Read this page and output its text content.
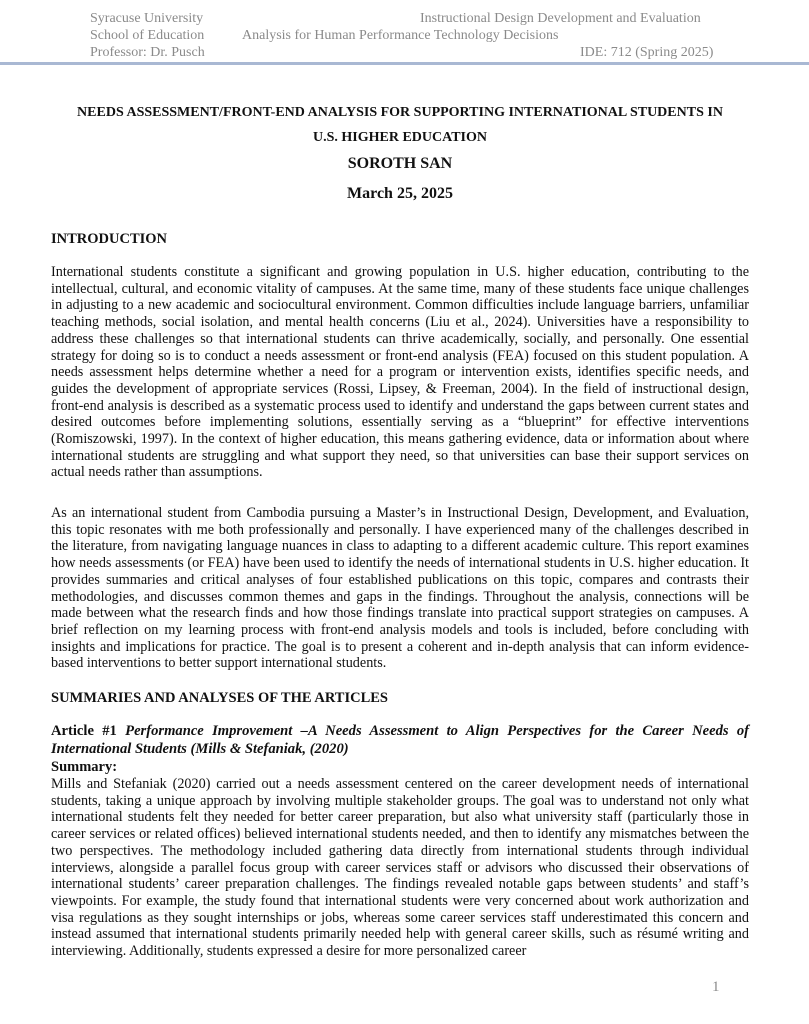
Syracuse University
School of Education
Professor: Dr. Pusch
Instructional Design Development and Evaluation
Analysis for Human Performance Technology Decisions
IDE: 712 (Spring 2025)
NEEDS ASSESSMENT/FRONT-END ANALYSIS FOR SUPPORTING INTERNATIONAL STUDENTS IN
U.S. HIGHER EDUCATION
SOROTH SAN
March 25, 2025
INTRODUCTION

International students constitute a significant and growing population in U.S. higher education, contributing to the intellectual, cultural, and economic vitality of campuses. At the same time, many of these students face unique challenges in adjusting to a new academic and sociocultural environment. Common difficulties include language barriers, unfamiliar teaching methods, social isolation, and mental health concerns (Liu et al., 2024). Universities have a responsibility to address these challenges so that international students can thrive academically, socially, and personally. One essential strategy for doing so is to conduct a needs assessment or front-end analysis (FEA) focused on this student population. A needs assessment helps determine whether a need for a program or intervention exists, identifies specific needs, and guides the development of appropriate services (Rossi, Lipsey, & Freeman, 2004). In the field of instructional design, front-end analysis is described as a systematic process used to identify and understand the gaps between current states and desired outcomes before implementing solutions, essentially serving as a “blueprint” for effective interventions (Romiszowski, 1997). In the context of higher education, this means gathering evidence, data or information about where international students are struggling and what support they need, so that universities can base their support services on actual needs rather than assumptions.

As an international student from Cambodia pursuing a Master’s in Instructional Design, Development, and Evaluation, this topic resonates with me both professionally and personally. I have experienced many of the challenges described in the literature, from navigating language nuances in class to adapting to a different academic culture. This report examines how needs assessments (or FEA) have been used to identify the needs of international students in U.S. higher education. It provides summaries and critical analyses of four established publications on this topic, compares and contrasts their methodologies, and discusses common themes and gaps in the findings. Throughout the analysis, connections will be made between what the research finds and how those findings translate into practical support strategies on campuses. A brief reflection on my learning process with front-end analysis models and tools is included, before concluding with insights and implications for practice. The goal is to present a coherent and in-depth analysis that can inform evidence-based interventions to better support international students.

SUMMARIES AND ANALYSES OF THE ARTICLES

Article #1 Performance Improvement –A Needs Assessment to Align Perspectives for the Career Needs of International Students (Mills & Stefaniak, (2020)

Summary:

Mills and Stefaniak (2020) carried out a needs assessment centered on the career development needs of international students, taking a unique approach by involving multiple stakeholder groups. The goal was to understand not only what international students felt they needed for better career preparation, but also what university staff (particularly those in career services or related offices) believed international students needed, and then to identify any mismatches between the two perspectives. The methodology included gathering data directly from international students through individual interviews, alongside a parallel focus group with career services staff or advisors who discussed their observations of international students’ career preparation challenges. The findings revealed notable gaps between students’ and staff’s viewpoints. For example, the study found that international students were very concerned about work authorization and visa regulations as they sought internships or jobs, whereas some career services staff underestimated this concern and instead assumed that international students primarily needed help with general career skills, such as résumé writing and interviewing. Additionally, students expressed a desire for more personalized career

1
